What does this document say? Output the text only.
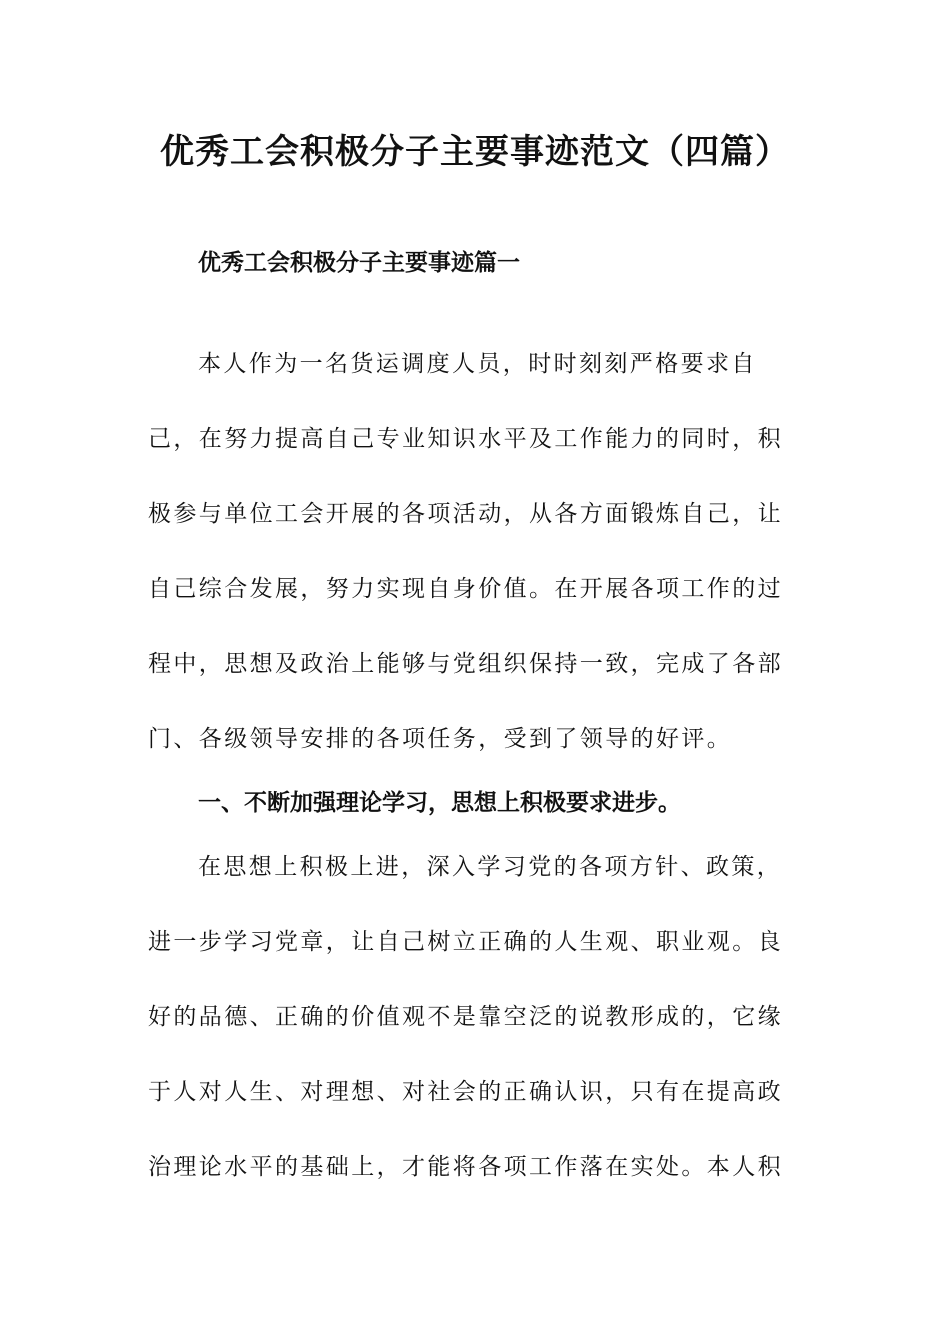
优秀工会积极分子主要事迹范文（四篇）
优秀工会积极分子主要事迹篇一
本人作为一名货运调度人员，时时刻刻严格要求自
己，在努力提高自己专业知识水平及工作能力的同时，积
极参与单位工会开展的各项活动，从各方面锻炼自己，让
自己综合发展，努力实现自身价值。在开展各项工作的过
程中，思想及政治上能够与党组织保持一致，完成了各部
门、各级领导安排的各项任务，受到了领导的好评。
一、不断加强理论学习，思想上积极要求进步。
在思想上积极上进，深入学习党的各项方针、政策，
进一步学习党章，让自己树立正确的人生观、职业观。良
好的品德、正确的价值观不是靠空泛的说教形成的，它缘
于人对人生、对理想、对社会的正确认识，只有在提高政
治理论水平的基础上，才能将各项工作落在实处。本人积
